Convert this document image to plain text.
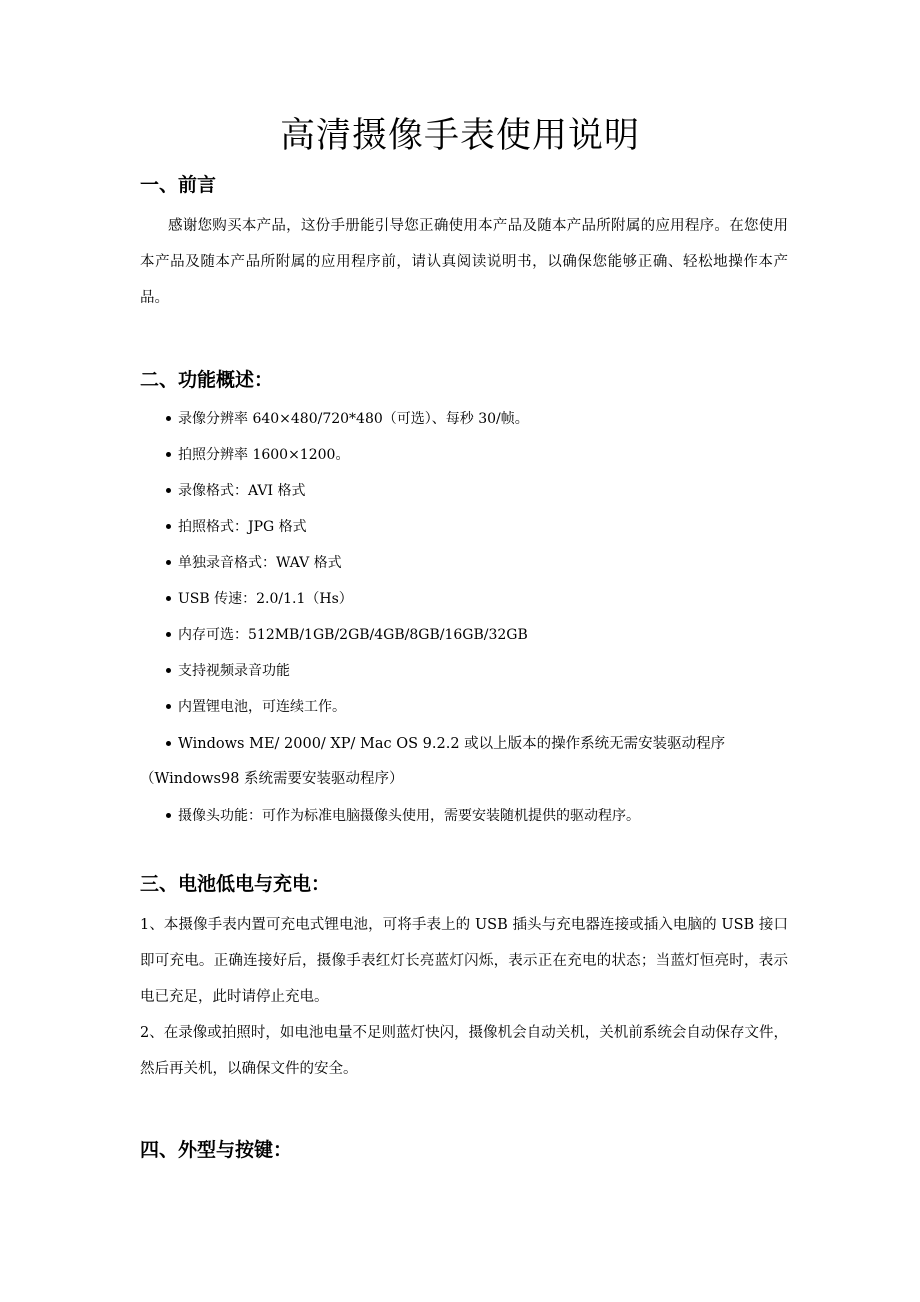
高清摄像手表使用说明
一、前言

感谢您购买本产品，这份手册能引导您正确使用本产品及随本产品所附属的应用程序。在您使用本产品及随本产品所附属的应用程序前，请认真阅读说明书，以确保您能够正确、轻松地操作本产品。

二、功能概述：
录像分辨率 640×480/720*480（可选）、每秒 30/帧。
拍照分辨率 1600×1200。
录像格式：AVI 格式
拍照格式：JPG 格式
单独录音格式：WAV 格式
USB 传速：2.0/1.1（Hs）
内存可选：512MB/1GB/2GB/4GB/8GB/16GB/32GB
支持视频录音功能
内置锂电池，可连续工作。
Windows ME/ 2000/ XP/ Mac OS 9.2.2 或以上版本的操作系统无需安装驱动程序
（Windows98 系统需要安装驱动程序）
摄像头功能：可作为标准电脑摄像头使用，需要安装随机提供的驱动程序。
三、电池低电与充电：

1、本摄像手表内置可充电式锂电池，可将手表上的 USB 插头与充电器连接或插入电脑的 USB 接口即可充电。正确连接好后，摄像手表红灯长亮蓝灯闪烁，表示正在充电的状态；当蓝灯恒亮时，表示电已充足，此时请停止充电。

2、在录像或拍照时，如电池电量不足则蓝灯快闪，摄像机会自动关机，关机前系统会自动保存文件，然后再关机，以确保文件的安全。

四、外型与按键：
